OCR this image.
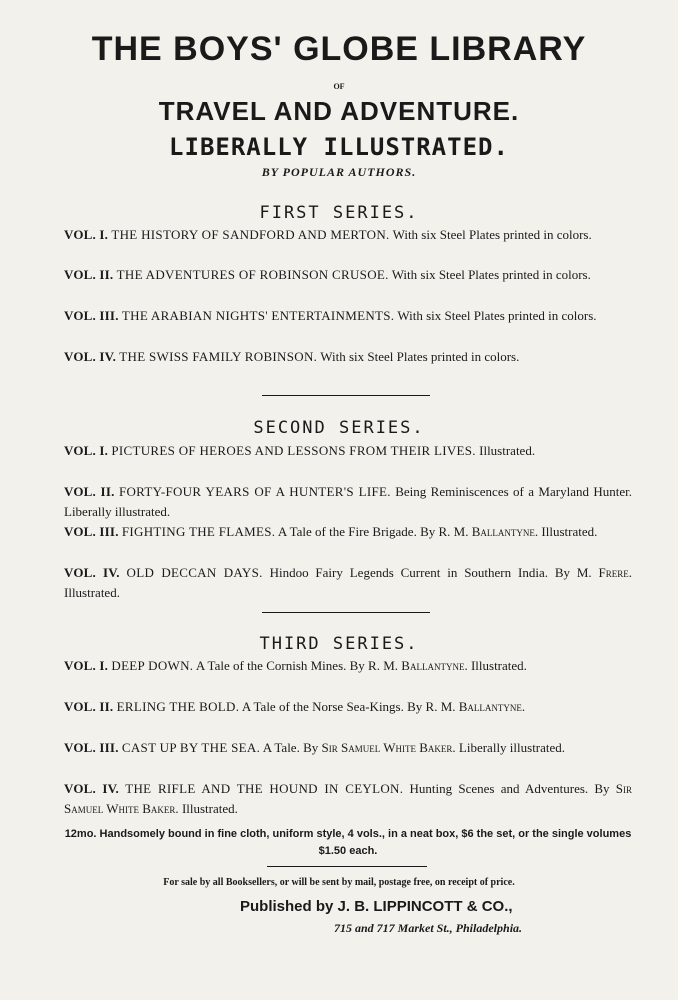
THE BOYS' GLOBE LIBRARY
OF
TRAVEL AND ADVENTURE.
LIBERALLY ILLUSTRATED.
BY POPULAR AUTHORS.
FIRST SERIES.
VOL. I. THE HISTORY OF SANDFORD AND MERTON. With six Steel Plates printed in colors.
VOL. II. THE ADVENTURES OF ROBINSON CRUSOE. With six Steel Plates printed in colors.
VOL. III. THE ARABIAN NIGHTS' ENTERTAINMENTS. With six Steel Plates printed in colors.
VOL. IV. THE SWISS FAMILY ROBINSON. With six Steel Plates printed in colors.
SECOND SERIES.
VOL. I. PICTURES OF HEROES AND LESSONS FROM THEIR LIVES. Illustrated.
VOL. II. FORTY-FOUR YEARS OF A HUNTER'S LIFE. Being Reminiscences of a Maryland Hunter. Liberally illustrated.
VOL. III. FIGHTING THE FLAMES. A Tale of the Fire Brigade. By R. M. Ballantyne. Illustrated.
VOL. IV. OLD DECCAN DAYS. Hindoo Fairy Legends Current in Southern India. By M. Frere. Illustrated.
THIRD SERIES.
VOL. I. DEEP DOWN. A Tale of the Cornish Mines. By R. M. Ballantyne. Illustrated.
VOL. II. ERLING THE BOLD. A Tale of the Norse Sea-Kings. By R. M. Ballantyne.
VOL. III. CAST UP BY THE SEA. A Tale. By Sir Samuel White Baker. Liberally illustrated.
VOL. IV. THE RIFLE AND THE HOUND IN CEYLON. Hunting Scenes and Adventures. By Sir Samuel White Baker. Illustrated.
12mo. Handsomely bound in fine cloth, uniform style, 4 vols., in a neat box, $6 the set, or the single volumes $1.50 each.
For sale by all Booksellers, or will be sent by mail, postage free, on receipt of price.
Published by J. B. LIPPINCOTT & CO.,
715 and 717 Market St., Philadelphia.
